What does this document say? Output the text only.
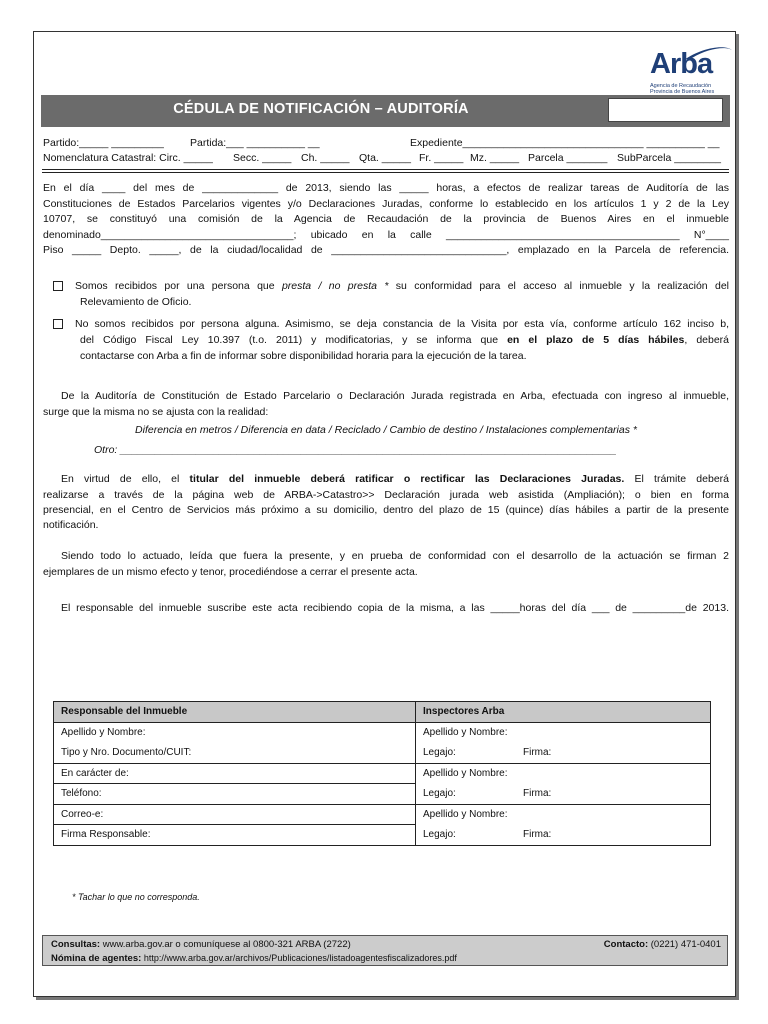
Arba
Agencia de Recaudación
Provincia de Buenos Aires
CÉDULA DE NOTIFICACIÓN – AUDITORÍA
Partido:_____ _________ Partida:___ __________ __	Expediente_______________________________ __________ __
Nomenclatura Catastral: Circ. _____ Secc. _____ Ch. _____ Qta. _____ Fr. _____ Mz. _____ Parcela _______ SubParcela ________
En el día ____ del mes de _____________ de 2013, siendo las _____ horas, a efectos de realizar tareas de Auditoría de las
Constituciones de Estados Parcelarios vigentes y/o Declaraciones Juradas, conforme lo establecido en los artículos 1 y 2 de la Ley
10707, se constituyó una comisión de la Agencia de Recaudación de la provincia de Buenos Aires en el inmueble
denominado_________________________________; ubicado en la calle ________________________________________ N°____
Piso _____ Depto. _____, de la ciudad/localidad de ______________________________, emplazado en la Parcela de referencia.
Somos recibidos por una persona que presta / no presta * su conformidad para el acceso al inmueble y la realización del
Relevamiento de Oficio.
No somos recibidos por persona alguna. Asimismo, se deja constancia de la Visita por esta vía, conforme artículo 162 inciso b,
del Código Fiscal Ley 10.397 (t.o. 2011) y modificatorias, y se informa que en el plazo de 5 días hábiles, deberá
contactarse con Arba a fin de informar sobre disponibilidad horaria para la ejecución de la tarea.
De la Auditoría de Constitución de Estado Parcelario o Declaración Jurada registrada en Arba, efectuada con ingreso al inmueble,
surge que la misma no se ajusta con la realidad:
Diferencia en metros / Diferencia en data / Reciclado / Cambio de destino / Instalaciones complementarias *
Otro: _____________________________________________________________________________________
En virtud de ello, el titular del inmueble deberá ratificar o rectificar las Declaraciones Juradas. El trámite deberá
realizarse a través de la página web de ARBA->Catastro>> Declaración jurada web asistida (Ampliación); o bien en forma
presencial, en el Centro de Servicios más próximo a su domicilio, dentro del plazo de 15 (quince) días hábiles a partir de la presente
notificación.
Siendo todo lo actuado, leída que fuera la presente, y en prueba de conformidad con el desarrollo de la actuación se firman 2
ejemplares de un mismo efecto y tenor, procediéndose a cerrar el presente acta.
El responsable del inmueble suscribe este acta recibiendo copia de la misma, a las _____horas del día ___ de _________de 2013.
Responsable del Inmueble	Inspectores Arba
Apellido y Nombre:	Apellido y Nombre:
Tipo y Nro. Documento/CUIT:	Legajo: Firma:

En carácter de:	Apellido y Nombre:
Teléfono:	Legajo: Firma:

Correo-e:	Apellido y Nombre:
Firma Responsable:	Legajo: Firma:
* Tachar lo que no corresponda.
Consultas: www.arba.gov.ar o comuníquese al 0800-321 ARBA (2722)	Contacto: (0221) 471-0401
Nómina de agentes: http://www.arba.gov.ar/archivos/Publicaciones/listadoagentesfiscalizadores.pdf
